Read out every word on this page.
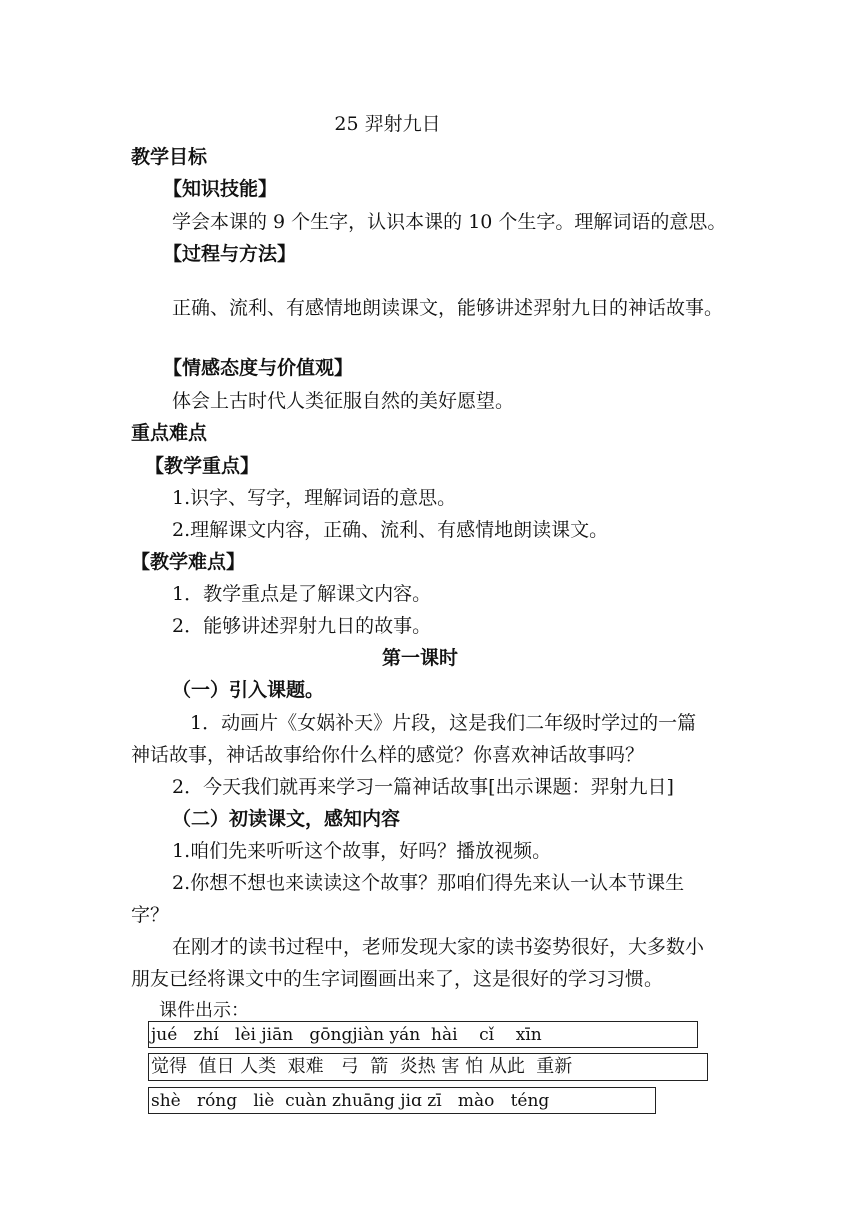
25 羿射九日
教学目标
【知识技能】
学会本课的 9 个生字，认识本课的 10 个生字。理解词语的意思。
【过程与方法】
正确、流利、有感情地朗读课文，能够讲述羿射九日的神话故事。
【情感态度与价值观】
体会上古时代人类征服自然的美好愿望。
重点难点
【教学重点】
1.识字、写字，理解词语的意思。
2.理解课文内容，正确、流利、有感情地朗读课文。
【教学难点】
1．教学重点是了解课文内容。
2．能够讲述羿射九日的故事。
第一课时
（一）引入课题。
1．动画片《女娲补天》片段，这是我们二年级时学过的一篇
神话故事，神话故事给你什么样的感觉？你喜欢神话故事吗？
2．今天我们就再来学习一篇神话故事[出示课题：羿射九日]
（二）初读课文，感知内容
1.咱们先来听听这个故事，好吗？播放视频。
2.你想不想也来读读这个故事？那咱们得先来认一认本节课生
字？
在刚才的读书过程中，老师发现大家的读书姿势很好，大多数小
朋友已经将课文中的生字词圈画出来了，这是很好的学习习惯。
课件出示：
jué   zhí   lèi jiān   gōngjiàn yán  hài    cǐ    xīn
觉得  值日 人类  艰难   弓  箭  炎热 害 怕 从此  重新
shè   róng   liè  cuàn zhuāng jiɑ zī   mào   téng
